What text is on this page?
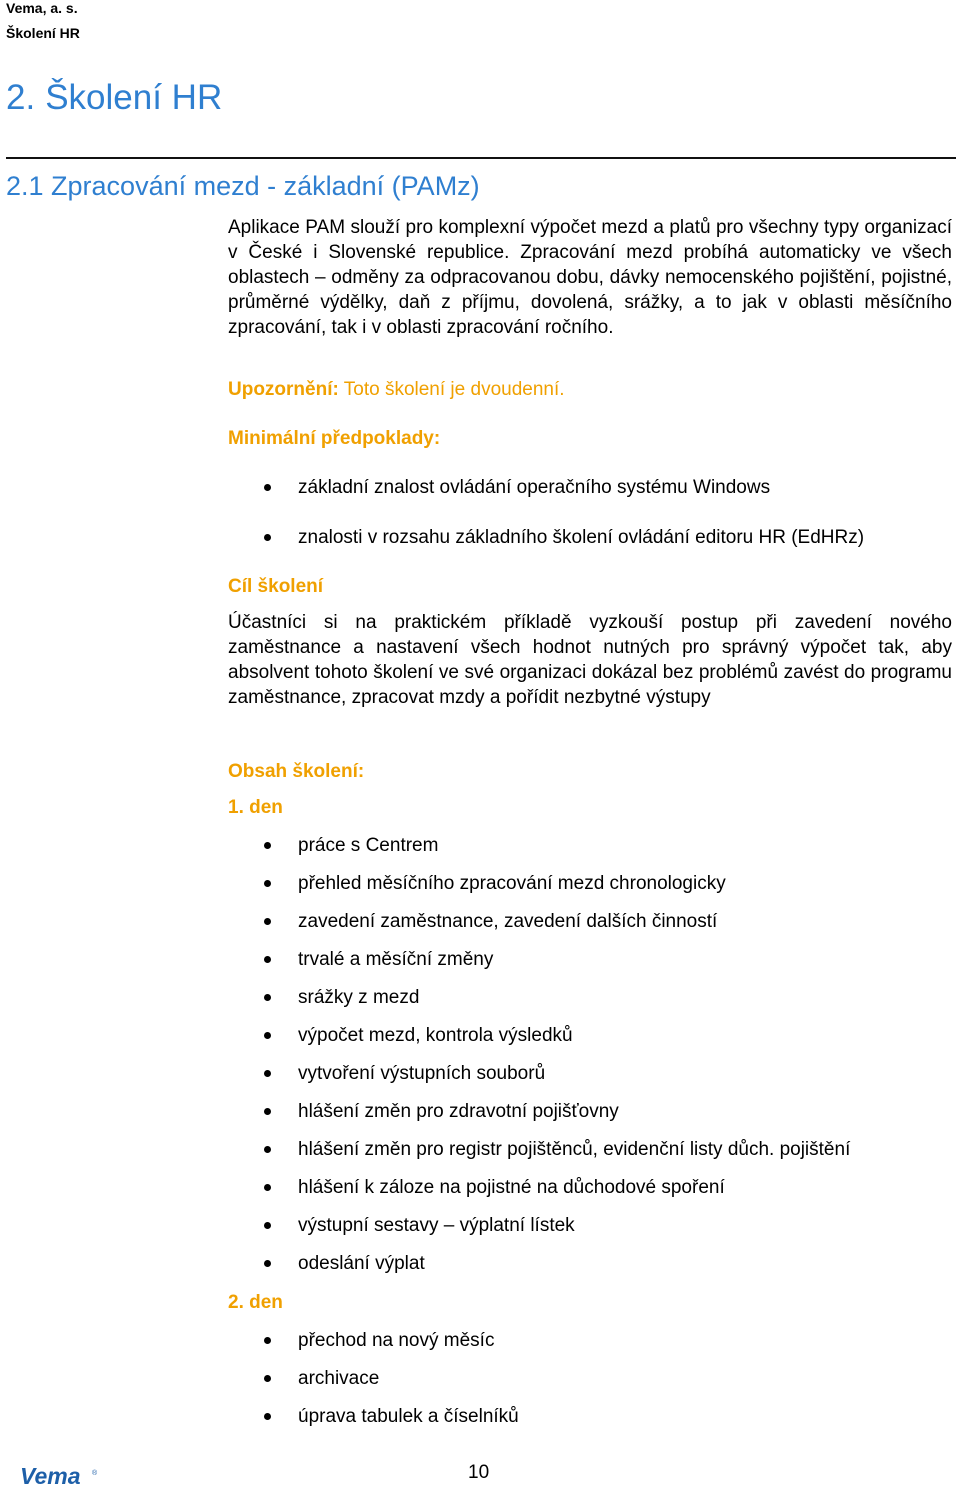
Vema, a. s.
Školení HR
2. Školení HR
2.1 Zpracování mezd - základní (PAMz)

Aplikace PAM slouží pro komplexní výpočet mezd a platů pro všechny typy organizací v České i Slovenské republice. Zpracování mezd probíhá automaticky ve všech oblastech – odměny za odpracovanou dobu, dávky nemocenského pojištění, pojistné, průměrné výdělky, daň z příjmu, dovolená, srážky, a to jak v oblasti měsíčního zpracování, tak i v oblasti zpracování ročního.

Upozornění: Toto školení je dvoudenní.
Minimální předpoklady:
základní znalost ovládání operačního systému Windows
znalosti v rozsahu základního školení ovládání editoru HR (EdHRz)
Cíl školení

Účastníci si na praktickém příkladě vyzkouší postup při zavedení nového zaměstnance a nastavení všech hodnot nutných pro správný výpočet tak, aby absolvent tohoto školení ve své organizaci dokázal bez problémů zavést do programu zaměstnance, zpracovat mzdy a pořídit nezbytné výstupy

Obsah školení:
1. den
práce s Centrem
přehled měsíčního zpracování mezd chronologicky
zavedení zaměstnance, zavedení dalších činností
trvalé a měsíční změny
srážky z mezd
výpočet mezd, kontrola výsledků
vytvoření výstupních souborů
hlášení změn pro zdravotní pojišťovny
hlášení změn pro registr pojištěnců, evidenční listy důch. pojištění
hlášení k záloze na pojistné na důchodové spoření
výstupní sestavy – výplatní lístek
odeslání výplat
2. den
přechod na nový měsíc
archivace
úprava tabulek a číselníků
Vema ®	10
